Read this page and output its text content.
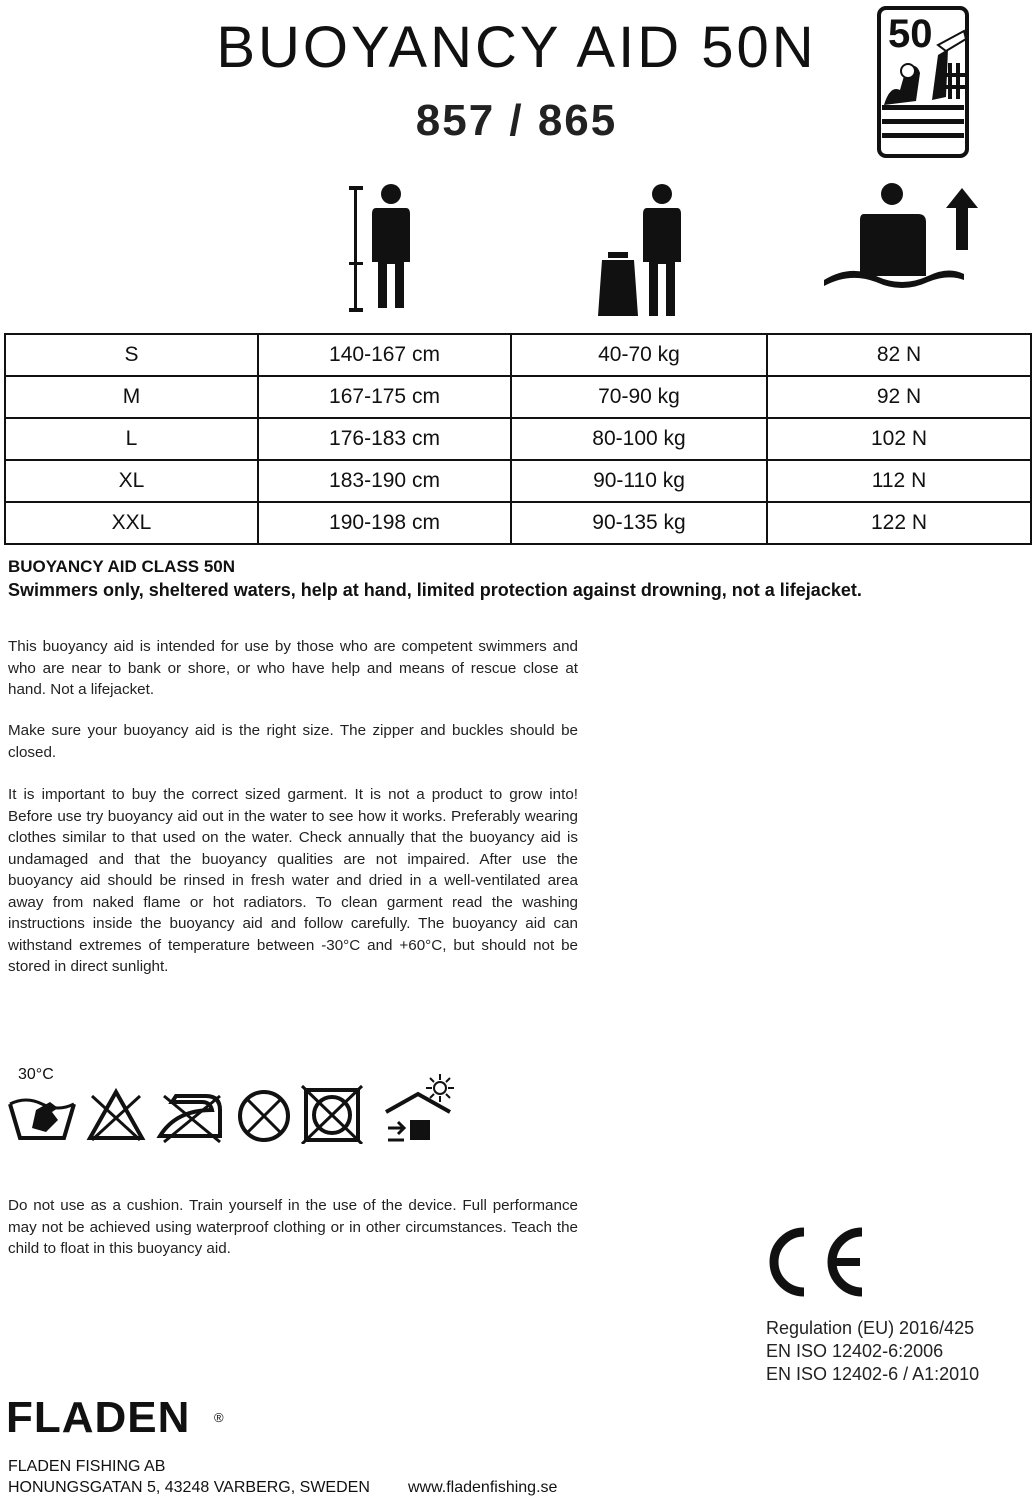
BUOYANCY AID 50N
857 / 865
50
S	140-167 cm	40-70 kg	82 N
M	167-175 cm	70-90 kg	92 N
L	176-183 cm	80-100 kg	102 N
XL	183-190 cm	90-110 kg	112 N
XXL	190-198 cm	90-135 kg	122 N
BUOYANCY AID CLASS 50N
Swimmers only, sheltered waters, help at hand, limited protection against drowning, not a lifejacket.
This buoyancy aid is intended for use by those who are competent swimmers and who are near to bank or shore, or who have help and means of rescue close at hand. Not a lifejacket.
Make sure your buoyancy aid is the right size. The zipper and buckles should be closed.
It is important to buy the correct sized garment. It is not a product to grow into! Before use try buoyancy aid out in the water to see how it works. Preferably wearing clothes similar to that used on the water. Check annually that the buoyancy aid is undamaged and that the buoyancy qualities are not impaired. After use the buoyancy aid should be rinsed in fresh water and dried in a well-ventilated area away from naked flame or hot radiators. To clean garment read the washing instructions inside the buoyancy aid and follow carefully. The buoyancy aid can withstand extremes of temperature between -30°C and +60°C, but should not be stored in direct sunlight.
30°C
Do not use as a cushion. Train yourself in the use of the device. Full performance may not be achieved using waterproof clothing or in other circumstances. Teach the child to float in this buoyancy aid.
Regulation (EU) 2016/425
EN ISO 12402-6:2006
EN ISO 12402-6 / A1:2010
FLADEN ®
FLADEN FISHING AB
HONUNGSGATAN 5, 43248 VARBERG, SWEDEN www.fladenfishing.se
